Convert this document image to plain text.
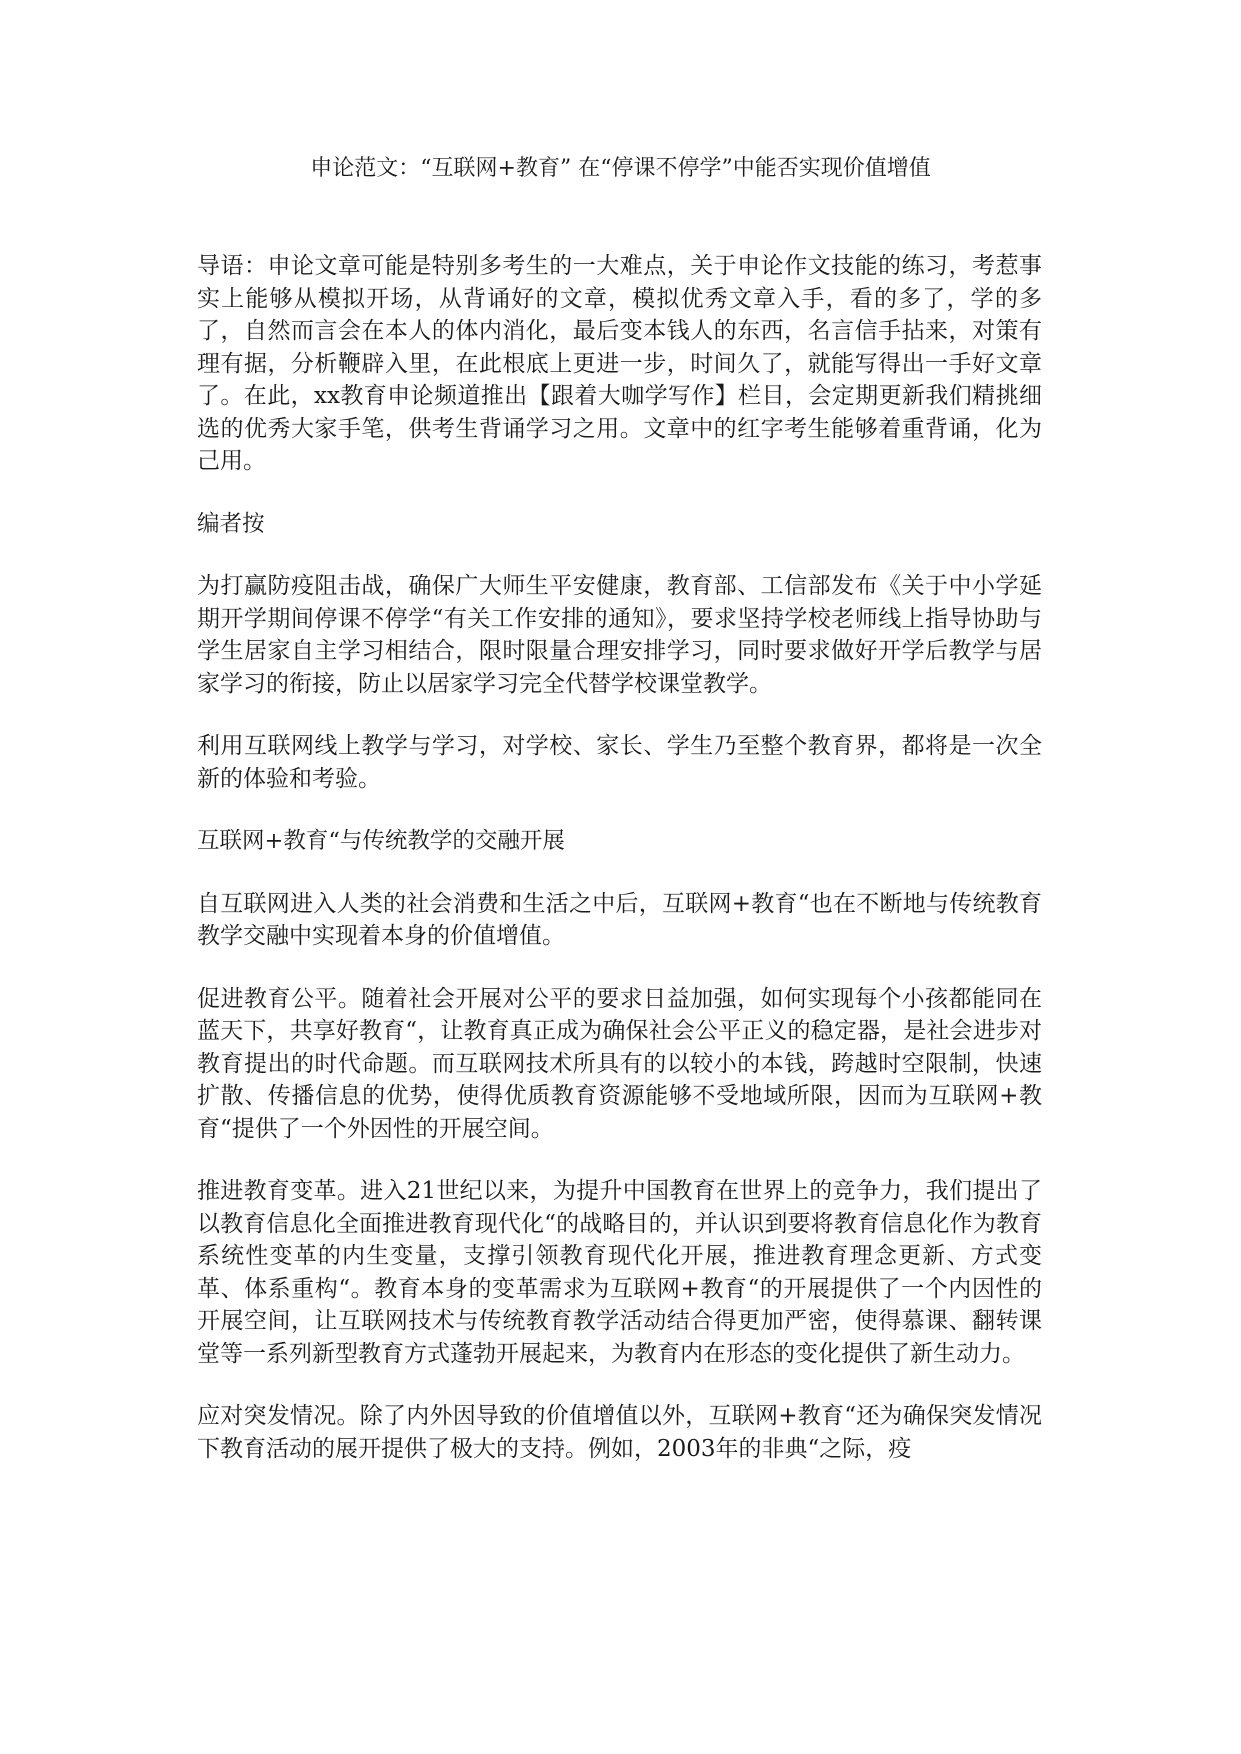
申论范文：“互联网+教育” 在“停课不停学”中能否实现价值增值

导语：申论文章可能是特别多考生的一大难点，关于申论作文技能的练习，考惹事实上能够从模拟开场，从背诵好的文章，模拟优秀文章入手，看的多了，学的多了，自然而言会在本人的体内消化，最后变本钱人的东西，名言信手拈来，对策有理有据，分析鞭辟入里，在此根底上更进一步，时间久了，就能写得出一手好文章了。在此，xx教育申论频道推出【跟着大咖学写作】栏目，会定期更新我们精挑细选的优秀大家手笔，供考生背诵学习之用。文章中的红字考生能够着重背诵，化为己用。

编者按

为打赢防疫阻击战，确保广大师生平安健康，教育部、工信部发布《关于中小学延期开学期间停课不停学“有关工作安排的通知》，要求坚持学校老师线上指导协助与学生居家自主学习相结合，限时限量合理安排学习，同时要求做好开学后教学与居家学习的衔接，防止以居家学习完全代替学校课堂教学。

利用互联网线上教学与学习，对学校、家长、学生乃至整个教育界，都将是一次全新的体验和考验。

互联网+教育“与传统教学的交融开展

自互联网进入人类的社会消费和生活之中后，互联网+教育“也在不断地与传统教育教学交融中实现着本身的价值增值。

促进教育公平。随着社会开展对公平的要求日益加强，如何实现每个小孩都能同在蓝天下，共享好教育“，让教育真正成为确保社会公平正义的稳定器，是社会进步对教育提出的时代命题。而互联网技术所具有的以较小的本钱，跨越时空限制，快速扩散、传播信息的优势，使得优质教育资源能够不受地域所限，因而为互联网+教育“提供了一个外因性的开展空间。

推进教育变革。进入21世纪以来，为提升中国教育在世界上的竞争力，我们提出了以教育信息化全面推进教育现代化“的战略目的，并认识到要将教育信息化作为教育系统性变革的内生变量，支撑引领教育现代化开展，推进教育理念更新、方式变革、体系重构“。教育本身的变革需求为互联网+教育“的开展提供了一个内因性的开展空间，让互联网技术与传统教育教学活动结合得更加严密，使得慕课、翻转课堂等一系列新型教育方式蓬勃开展起来，为教育内在形态的变化提供了新生动力。

应对突发情况。除了内外因导致的价值增值以外，互联网+教育“还为确保突发情况下教育活动的展开提供了极大的支持。例如，2003年的非典“之际，疫
